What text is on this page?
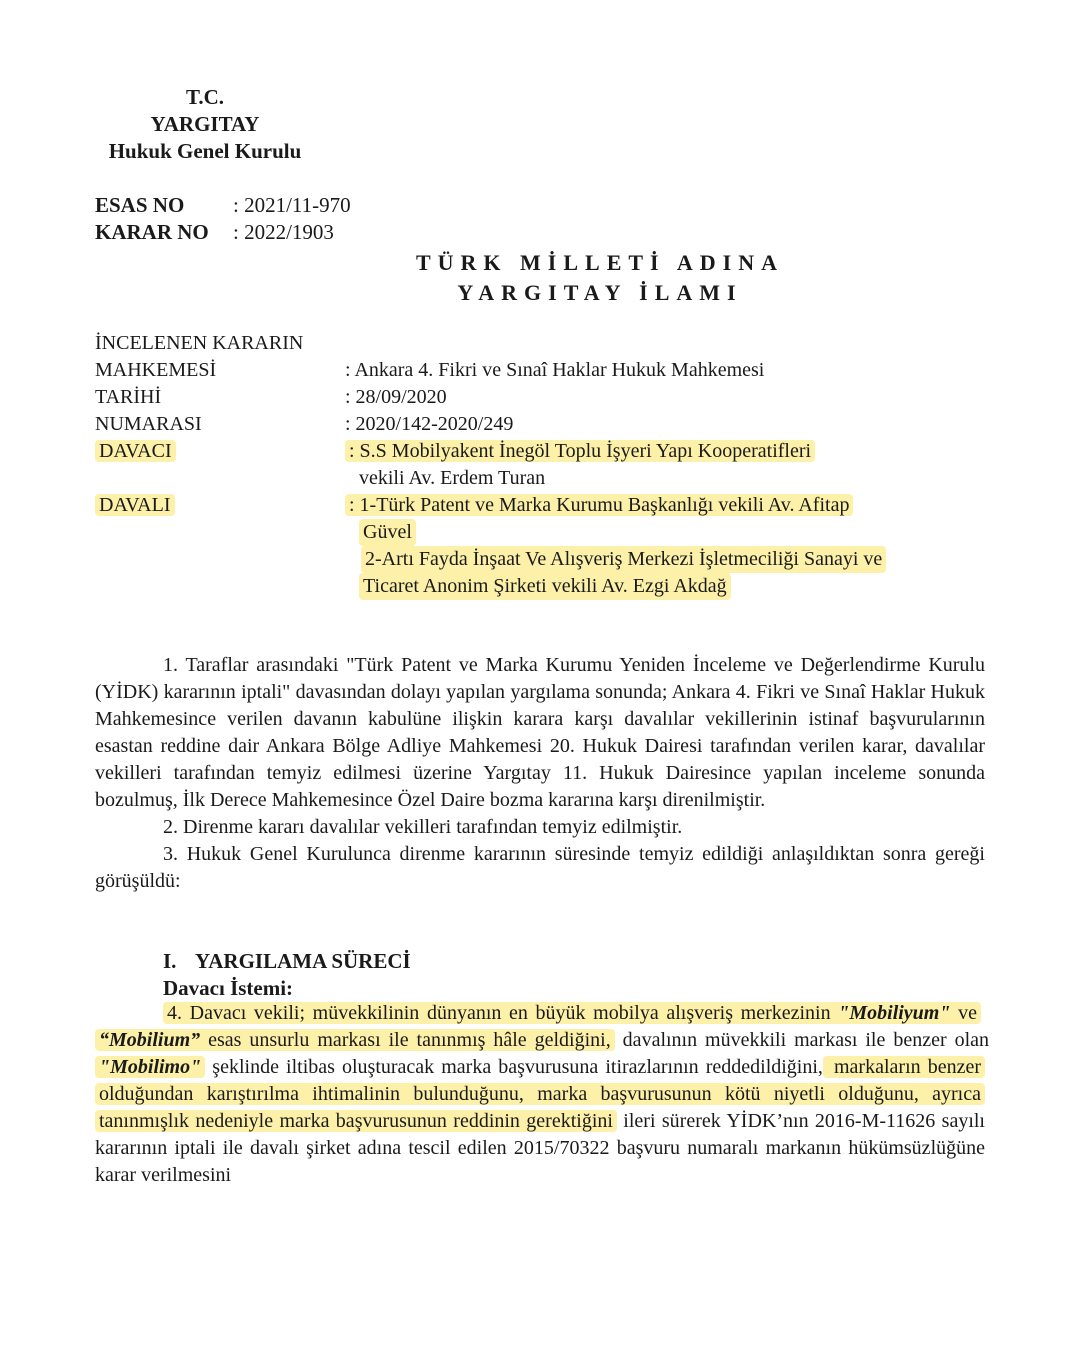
T.C.
YARGITAY
Hukuk Genel Kurulu
ESAS NO	: 2021/11-970
KARAR NO	: 2022/1903
TÜRK MİLLETİ ADINA
YARGITAY İLAMI
İNCELENEN KARARIN
MAHKEMESİ	: Ankara 4. Fikri ve Sınaî Haklar Hukuk Mahkemesi
TARİHİ	: 28/09/2020
NUMARASI	: 2020/142-2020/249
DAVACI	: S.S Mobilyakent İnegöl Toplu İşyeri Yapı Kooperatifleri
vekili Av. Erdem Turan
DAVALI	: 1-Türk Patent ve Marka Kurumu Başkanlığı vekili Av. Afitap
Güvel
2-Artı Fayda İnşaat Ve Alışveriş Merkezi İşletmeciliği Sanayi ve
Ticaret Anonim Şirketi vekili Av. Ezgi Akdağ

1. Taraflar arasındaki "Türk Patent ve Marka Kurumu Yeniden İnceleme ve Değerlendirme Kurulu (YİDK) kararının iptali" davasından dolayı yapılan yargılama sonunda; Ankara 4. Fikri ve Sınaî Haklar Hukuk Mahkemesince verilen davanın kabulüne ilişkin karara karşı davalılar vekillerinin istinaf başvurularının esastan reddine dair Ankara Bölge Adliye Mahkemesi 20. Hukuk Dairesi tarafından verilen karar, davalılar vekilleri tarafından temyiz edilmesi üzerine Yargıtay 11. Hukuk Dairesince yapılan inceleme sonunda bozulmuş, İlk Derece Mahkemesince Özel Daire bozma kararına karşı direnilmiştir.

2. Direnme kararı davalılar vekilleri tarafından temyiz edilmiştir.

3. Hukuk Genel Kurulunca direnme kararının süresinde temyiz edildiği anlaşıldıktan sonra gereği görüşüldü:

I. YARGILAMA SÜRECİ
Davacı İstemi:

4. Davacı vekili; müvekkilinin dünyanın en büyük mobilya alışveriş merkezinin "Mobiliyum" ve “Mobilium” esas unsurlu markası ile tanınmış hâle geldiğini, davalının müvekkili markası ile benzer olan "Mobilimo" şeklinde iltibas oluşturacak marka başvurusuna itirazlarının reddedildiğini, markaların benzer olduğundan karıştırılma ihtimalinin bulunduğunu, marka başvurusunun kötü niyetli olduğunu, ayrıca tanınmışlık nedeniyle marka başvurusunun reddinin gerektiğini ileri sürerek YİDK’nın 2016-M-11626 sayılı kararının iptali ile davalı şirket adına tescil edilen 2015/70322 başvuru numaralı markanın hükümsüzlüğüne karar verilmesini
